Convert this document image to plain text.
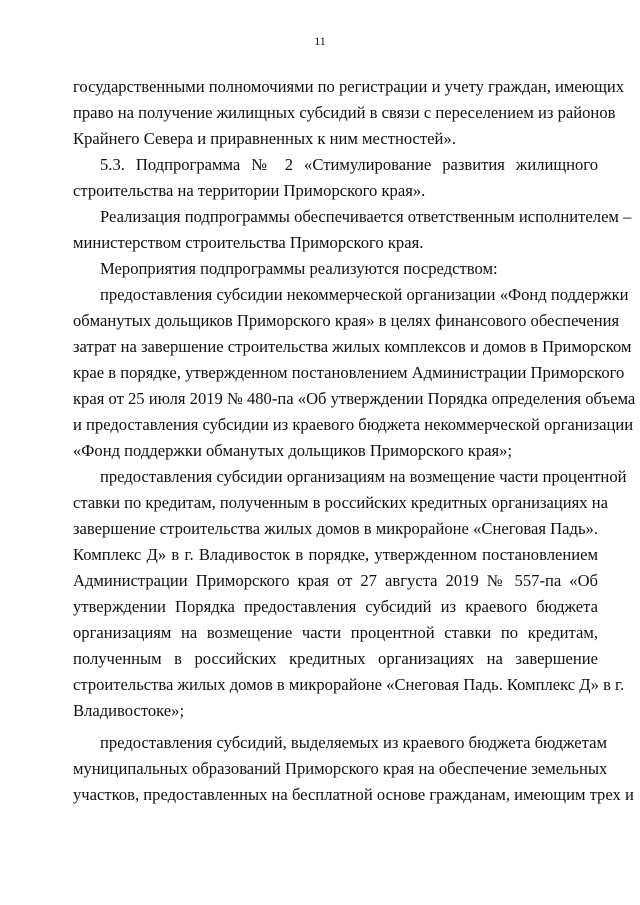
11
государственными полномочиями по регистрации и учету граждан, имеющих
право на получение жилищных субсидий в связи с переселением из районов
Крайнего Севера и приравненных к ним местностей».
5.3. Подпрограмма № 2 «Стимулирование развития жилищного
строительства на территории Приморского края».
Реализация подпрограммы обеспечивается ответственным исполнителем –
министерством строительства Приморского края.
Мероприятия подпрограммы реализуются посредством:
предоставления субсидии некоммерческой организации «Фонд поддержки
обманутых дольщиков Приморского края» в целях финансового обеспечения
затрат на завершение строительства жилых комплексов и домов в Приморском
крае в порядке, утвержденном постановлением Администрации Приморского
края от 25 июля 2019 № 480-па «Об утверждении Порядка определения объема
и предоставления субсидии из краевого бюджета некоммерческой организации
«Фонд поддержки обманутых дольщиков Приморского края»;
предоставления субсидии организациям на возмещение части процентной
ставки по кредитам, полученным в российских кредитных организациях на
завершение строительства жилых домов в микрорайоне «Снеговая Падь».
Комплекс Д» в г. Владивосток в порядке, утвержденном постановлением
Администрации Приморского края от 27 августа 2019 № 557-па «Об
утверждении Порядка предоставления субсидий из краевого бюджета
организациям на возмещение части процентной ставки по кредитам,
полученным в российских кредитных организациях на завершение
строительства жилых домов в микрорайоне «Снеговая Падь. Комплекс Д» в г.
Владивостоке»;
предоставления субсидий, выделяемых из краевого бюджета бюджетам
муниципальных образований Приморского края на обеспечение земельных
участков, предоставленных на бесплатной основе гражданам, имеющим трех и
